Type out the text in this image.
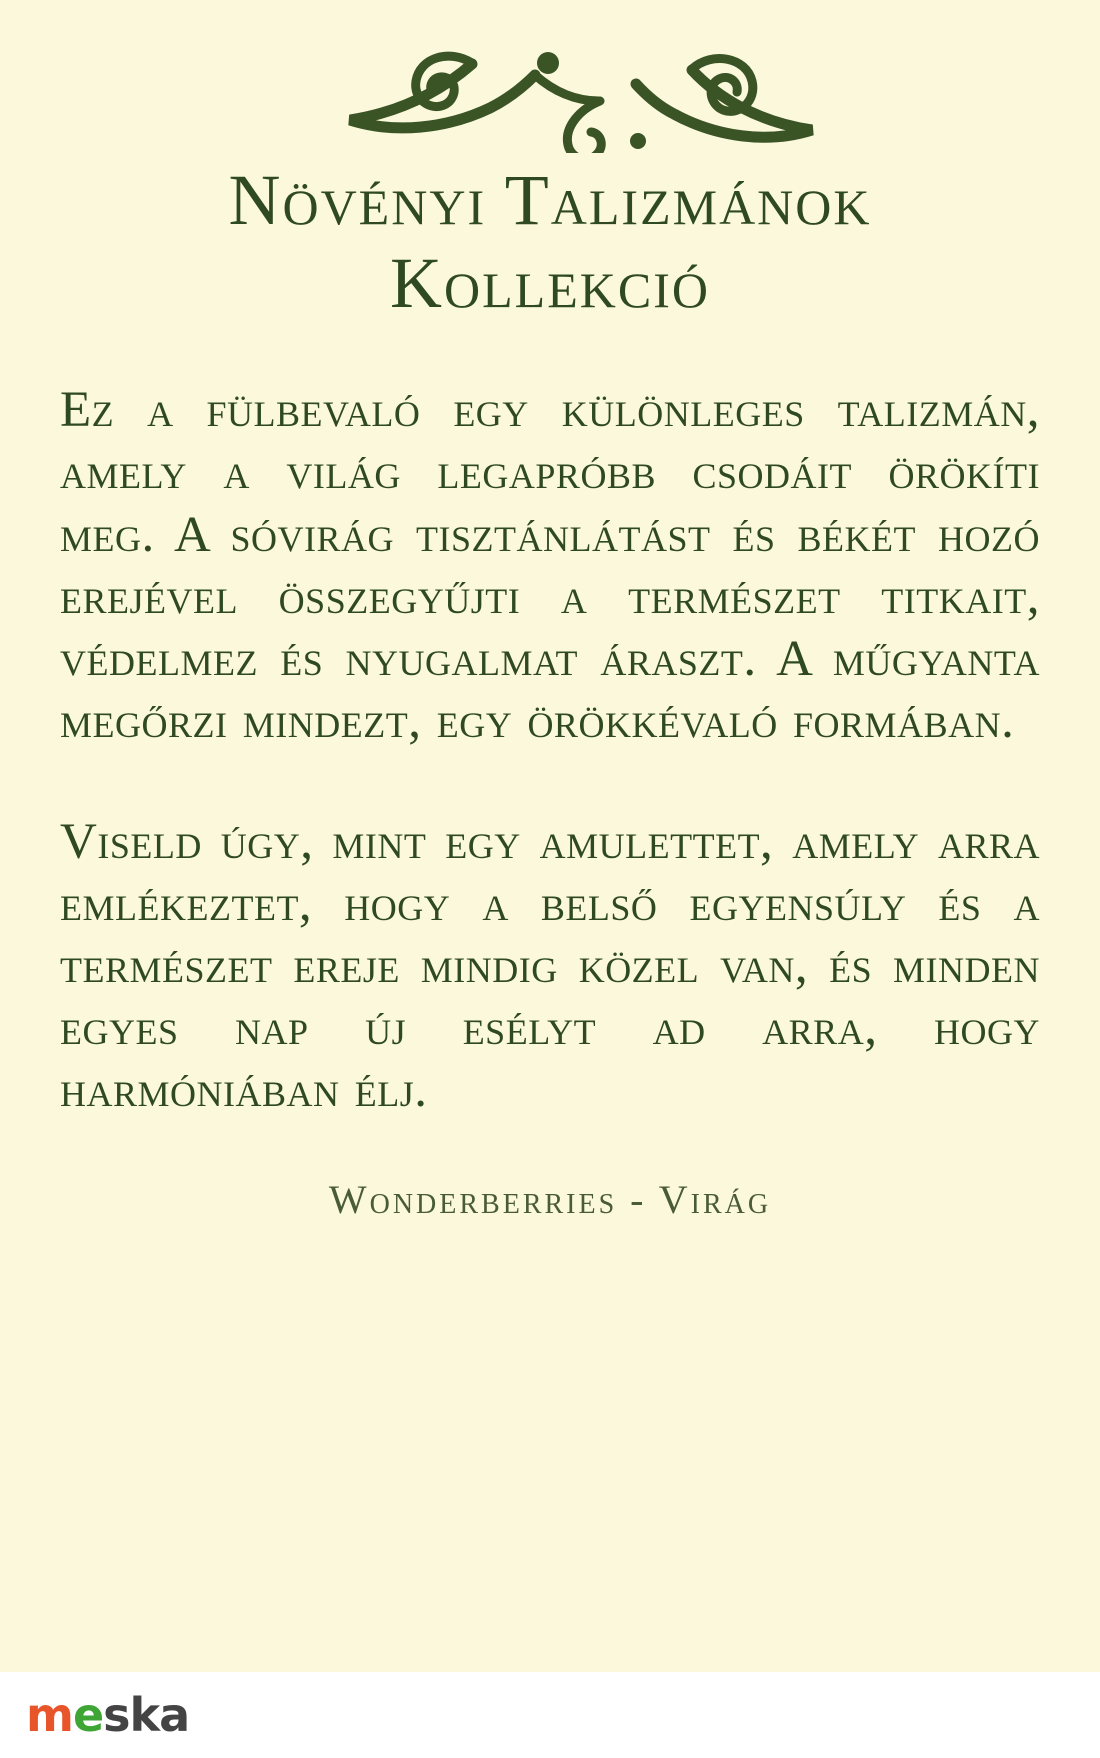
Növényi Talizmánok
Kollekció

Ez a fülbevaló egy különleges talizmán, amely a világ legapróbb csodáit örökíti meg. A sóvirág tisztánlátást és békét hozó erejével összegyűjti a természet titkait, védelmez és nyugalmat áraszt. A műgyanta megőrzi mindezt, egy örökkévaló formában.

Viseld úgy, mint egy amulettet, amely arra emlékeztet, hogy a belső egyensúly és a természet ereje mindig közel van, és minden egyes nap új esélyt ad arra, hogy harmóniában élj.

Wonderberries - Virág
meska
